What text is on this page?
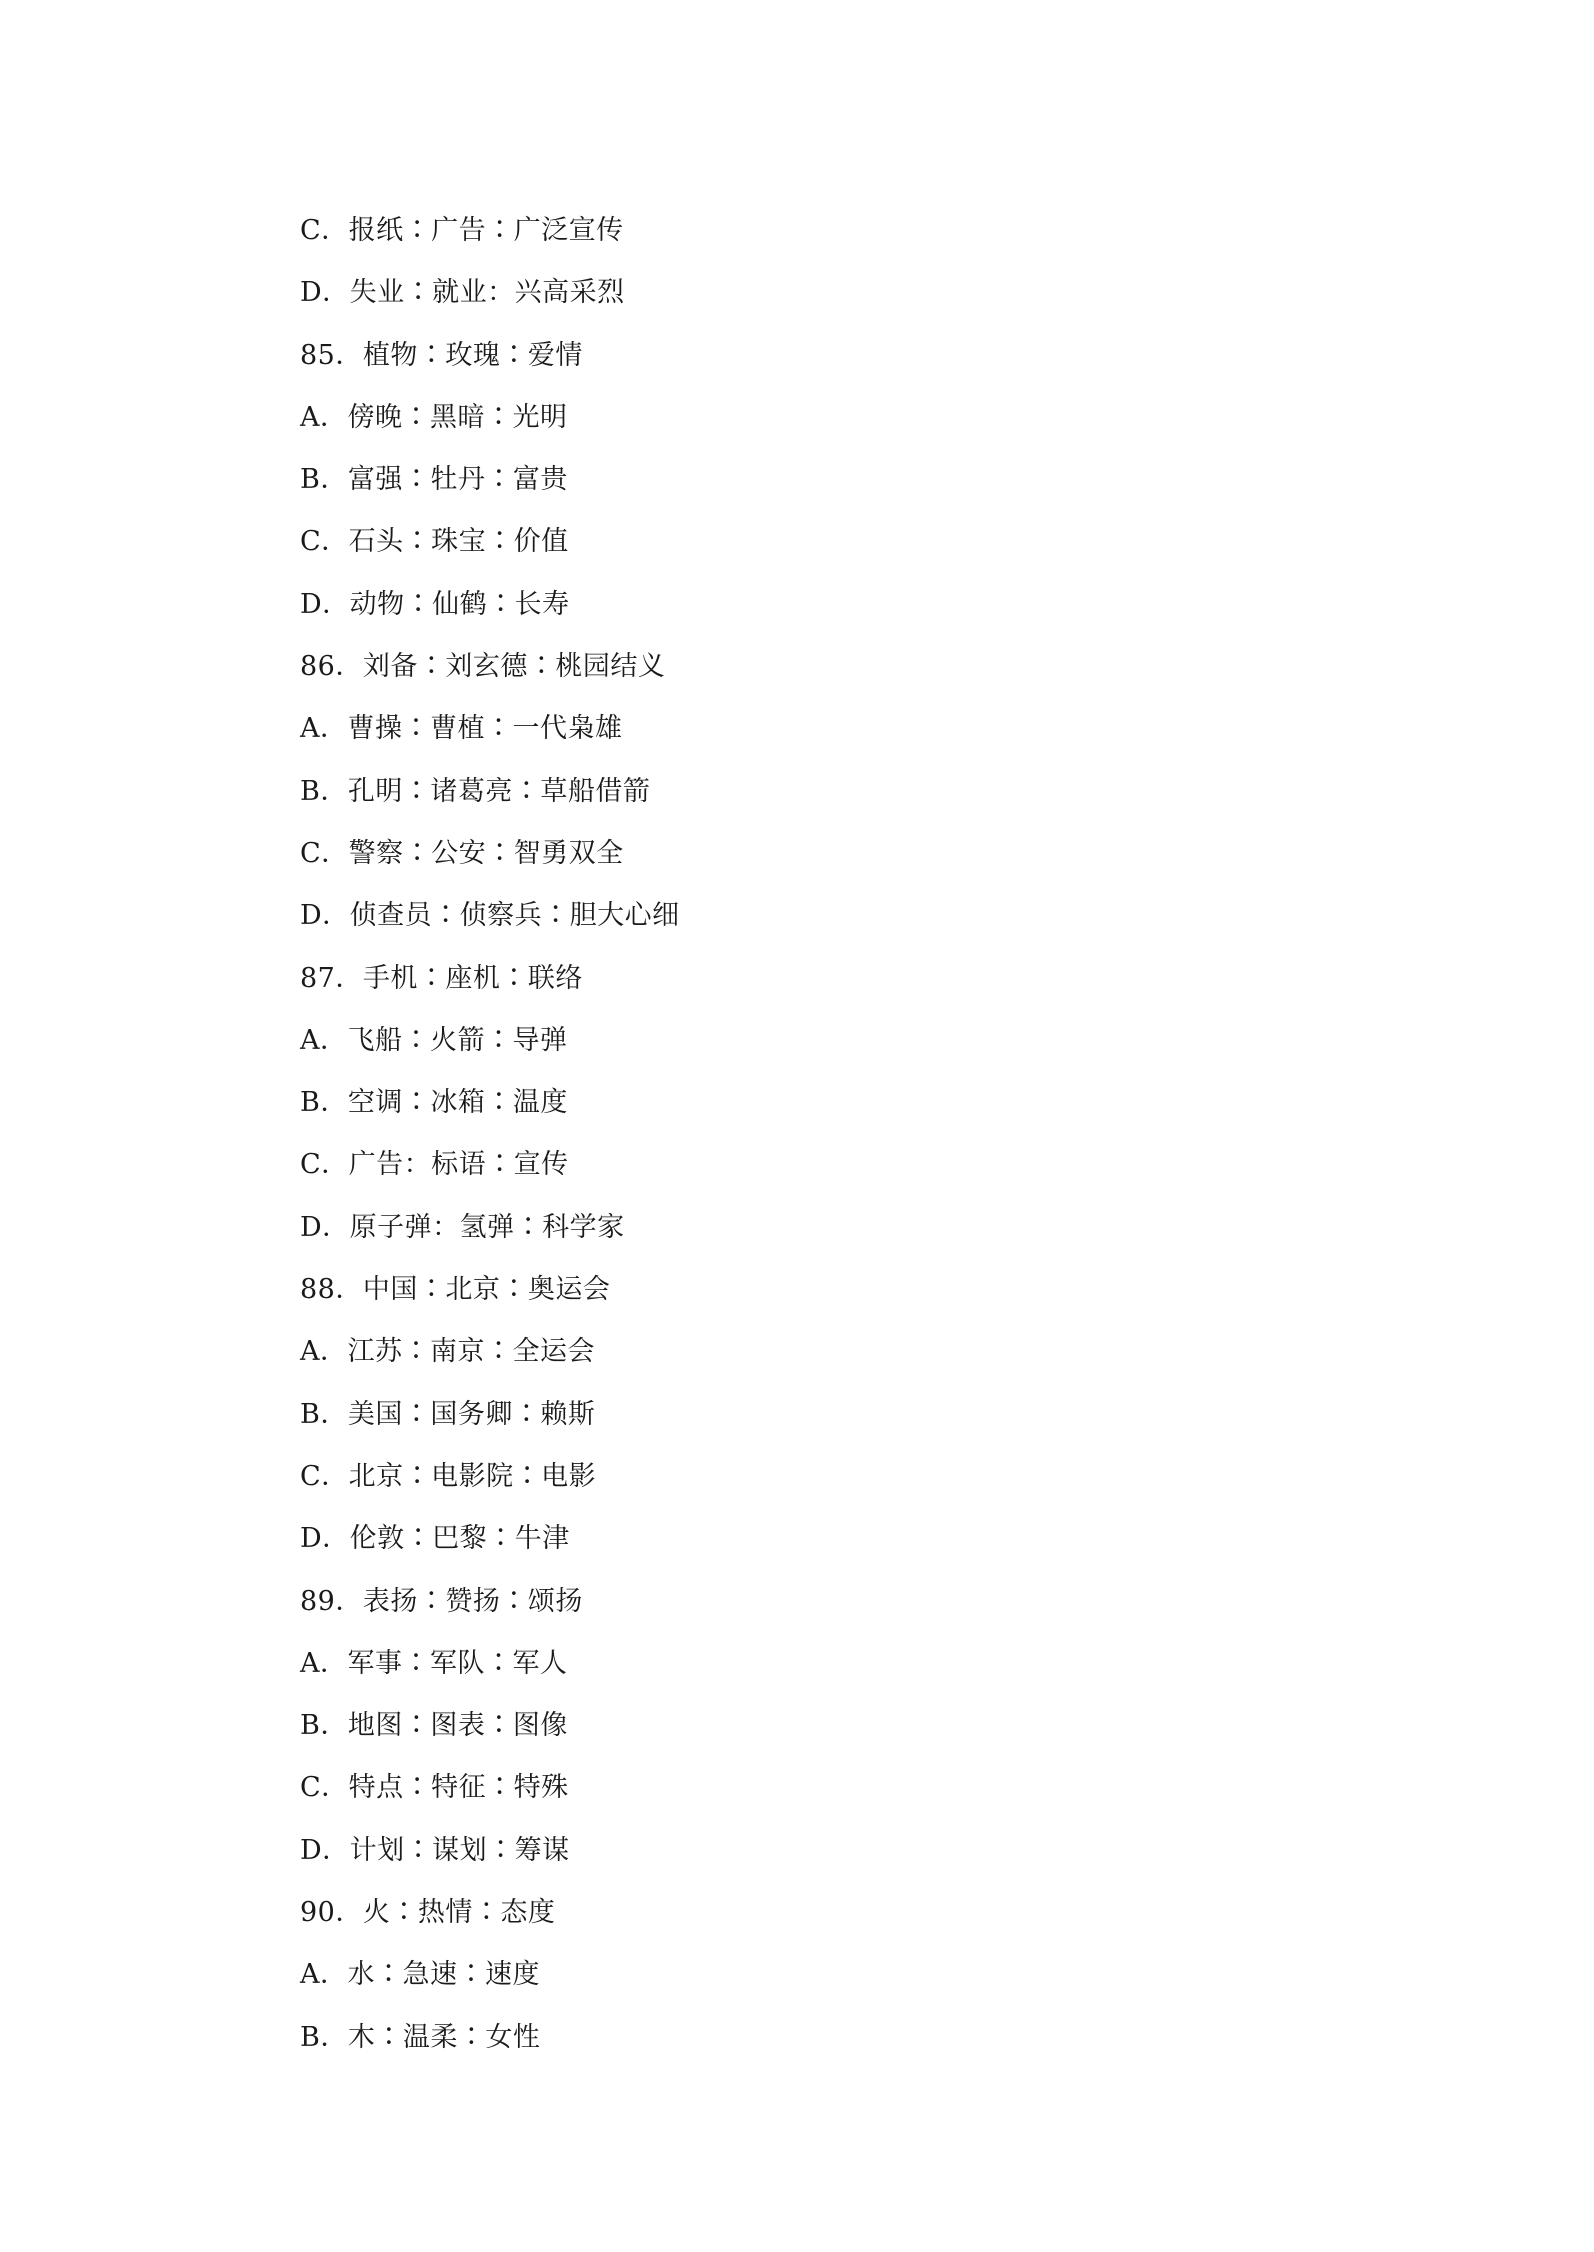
C．报纸∶广告∶广泛宣传
D．失业∶就业：兴高采烈
85．植物∶玫瑰∶爱情
A．傍晚∶黑暗∶光明
B．富强∶牡丹∶富贵
C．石头∶珠宝∶价值
D．动物∶仙鹤∶长寿
86．刘备∶刘玄德∶桃园结义
A．曹操∶曹植∶一代枭雄
B．孔明∶诸葛亮∶草船借箭
C．警察∶公安∶智勇双全
D．侦查员∶侦察兵∶胆大心细
87．手机∶座机∶联络
A．飞船∶火箭∶导弹
B．空调∶冰箱∶温度
C．广告：标语∶宣传
D．原子弹：氢弹∶科学家
88．中国∶北京∶奥运会
A．江苏∶南京∶全运会
B．美国∶国务卿∶赖斯
C．北京∶电影院∶电影
D．伦敦∶巴黎∶牛津
89．表扬∶赞扬∶颂扬
A．军事∶军队∶军人
B．地图∶图表∶图像
C．特点∶特征∶特殊
D．计划∶谋划∶筹谋
90．火∶热情∶态度
A．水∶急速∶速度
B．木∶温柔∶女性
